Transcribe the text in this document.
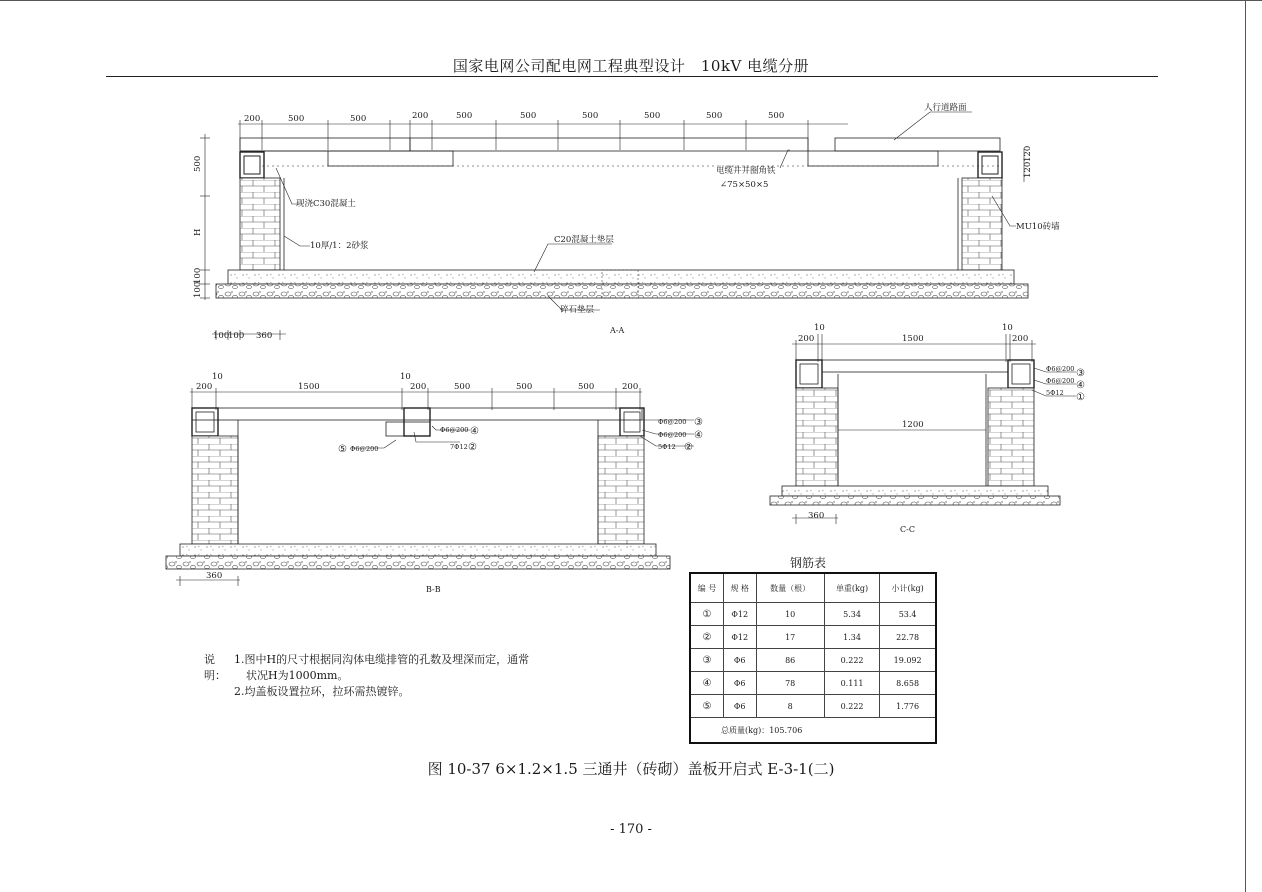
国家电网公司配电网工程典型设计　10kV 电缆分册
200	500	500	200	500	500	500	500	500	500
500
H
100
100
100
100 360
120
120
人行道路面
现浇C30混凝土
10厚/1：2砂浆
C20混凝土垫层
碎石垫层
电缆井井圈角铁
∠75×50×5
MU10砖墙
A-A
10	10
200	1500	200	500	500	500	200
360
Φ6@200 ④
7Φ12 ②
⑤ Φ6@200
Φ6@200 ③
Φ6@200 ④
5Φ12 ②
B-B
10	10
200	1500	200
1200
360
Φ6@200 ③
Φ6@200 ④
5Φ12 ①
C-C
说明：
1.图中H的尺寸根据同沟体电缆排管的孔数及埋深而定，通常
状况H为1000mm。
2.均盖板设置拉环，拉环需热镀锌。
钢筋表
编 号	规 格	数量（根）	单重(kg)	小计(kg)
①	Φ12	10	5.34	53.4
②	Φ12	17	1.34	22.78
③	Φ6	86	0.222	19.092
④	Φ6	78	0.111	8.658
⑤	Φ6	8	0.222	1.776
总质量(kg)：105.706				
图 10-37 6×1.2×1.5 三通井（砖砌）盖板开启式 E-3-1(二)
- 170 -
